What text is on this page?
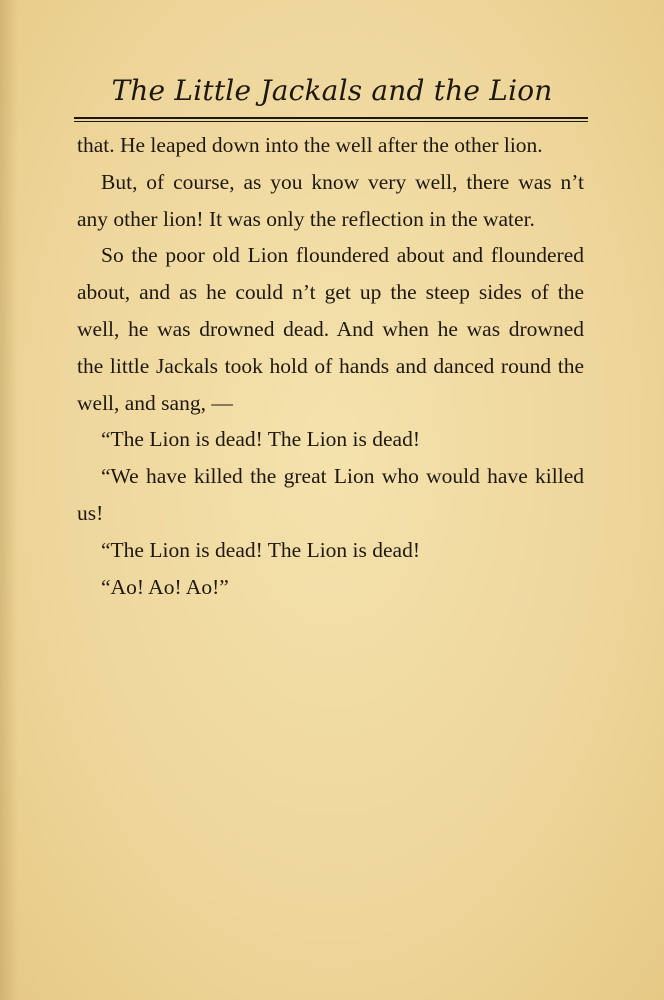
The Little Jackals and the Lion

that. He leaped down into the well after the other lion.

But, of course, as you know very well, there was n’t any other lion! It was only the reflection in the water.

So the poor old Lion floundered about and floundered about, and as he could n’t get up the steep sides of the well, he was drowned dead. And when he was drowned the little Jackals took hold of hands and danced round the well, and sang, —

“The Lion is dead! The Lion is dead!

“We have killed the great Lion who would have killed us!

“The Lion is dead! The Lion is dead!

“Ao! Ao! Ao!”
